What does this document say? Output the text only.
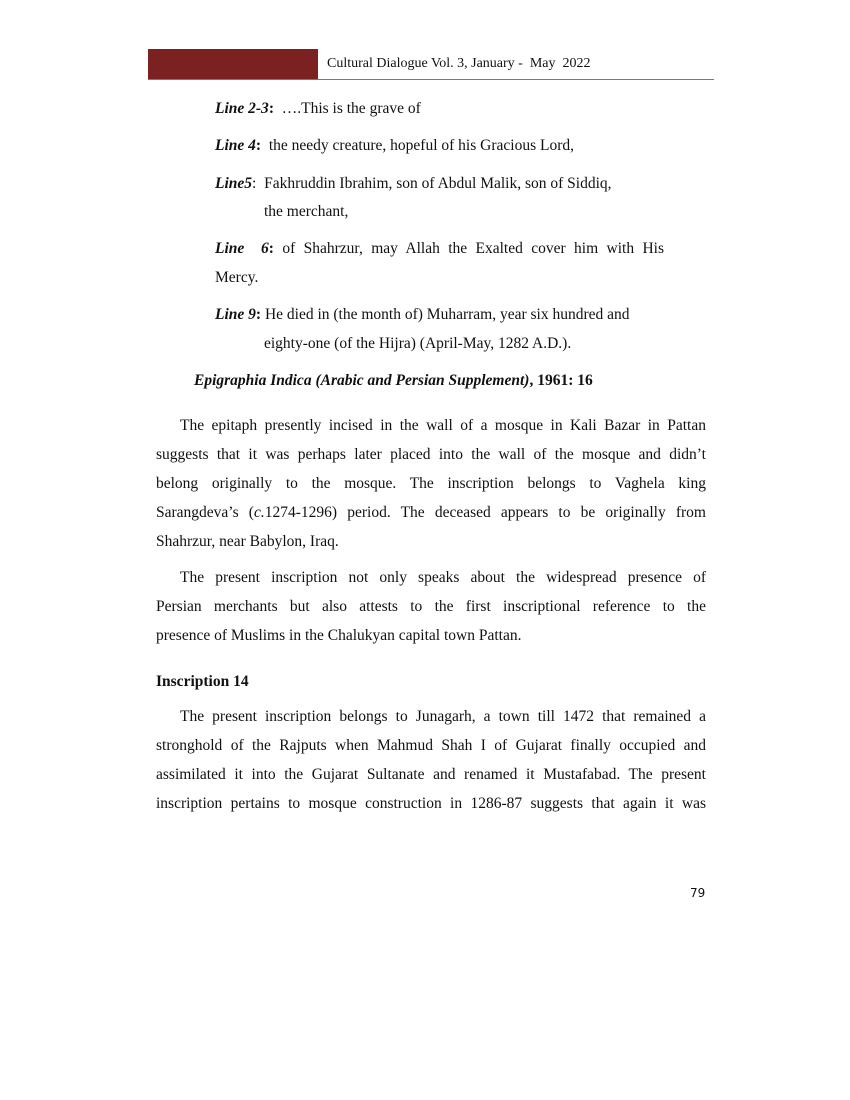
Cultural Dialogue Vol. 3, January -  May  2022
Line 2-3:  ….This is the grave of
Line 4:  the needy creature, hopeful of his Gracious Lord,
Line5:  Fakhruddin Ibrahim, son of Abdul Malik, son of Siddiq,
the merchant,
Line  6: of Shahrzur, may Allah the Exalted cover him with His
Mercy.
Line 9: He died in (the month of) Muharram, year six hundred and
eighty-one (of the Hijra) (April-May, 1282 A.D.).
Epigraphia Indica (Arabic and Persian Supplement), 1961: 16
The epitaph presently incised in the wall of a mosque in Kali Bazar in Pattan
suggests that it was perhaps later placed into the wall of the mosque and didn’t
belong originally to the mosque. The inscription belongs to Vaghela king
Sarangdeva’s (c.1274-1296) period. The deceased appears to be originally from
Shahrzur, near Babylon, Iraq.
The present inscription not only speaks about the widespread presence of
Persian merchants but also attests to the first inscriptional reference to the
presence of Muslims in the Chalukyan capital town Pattan.
Inscription 14
The present inscription belongs to Junagarh, a town till 1472 that remained a
stronghold of the Rajputs when Mahmud Shah I of Gujarat finally occupied and
assimilated it into the Gujarat Sultanate and renamed it Mustafabad. The present
inscription pertains to mosque construction in 1286-87 suggests that again it was
79
